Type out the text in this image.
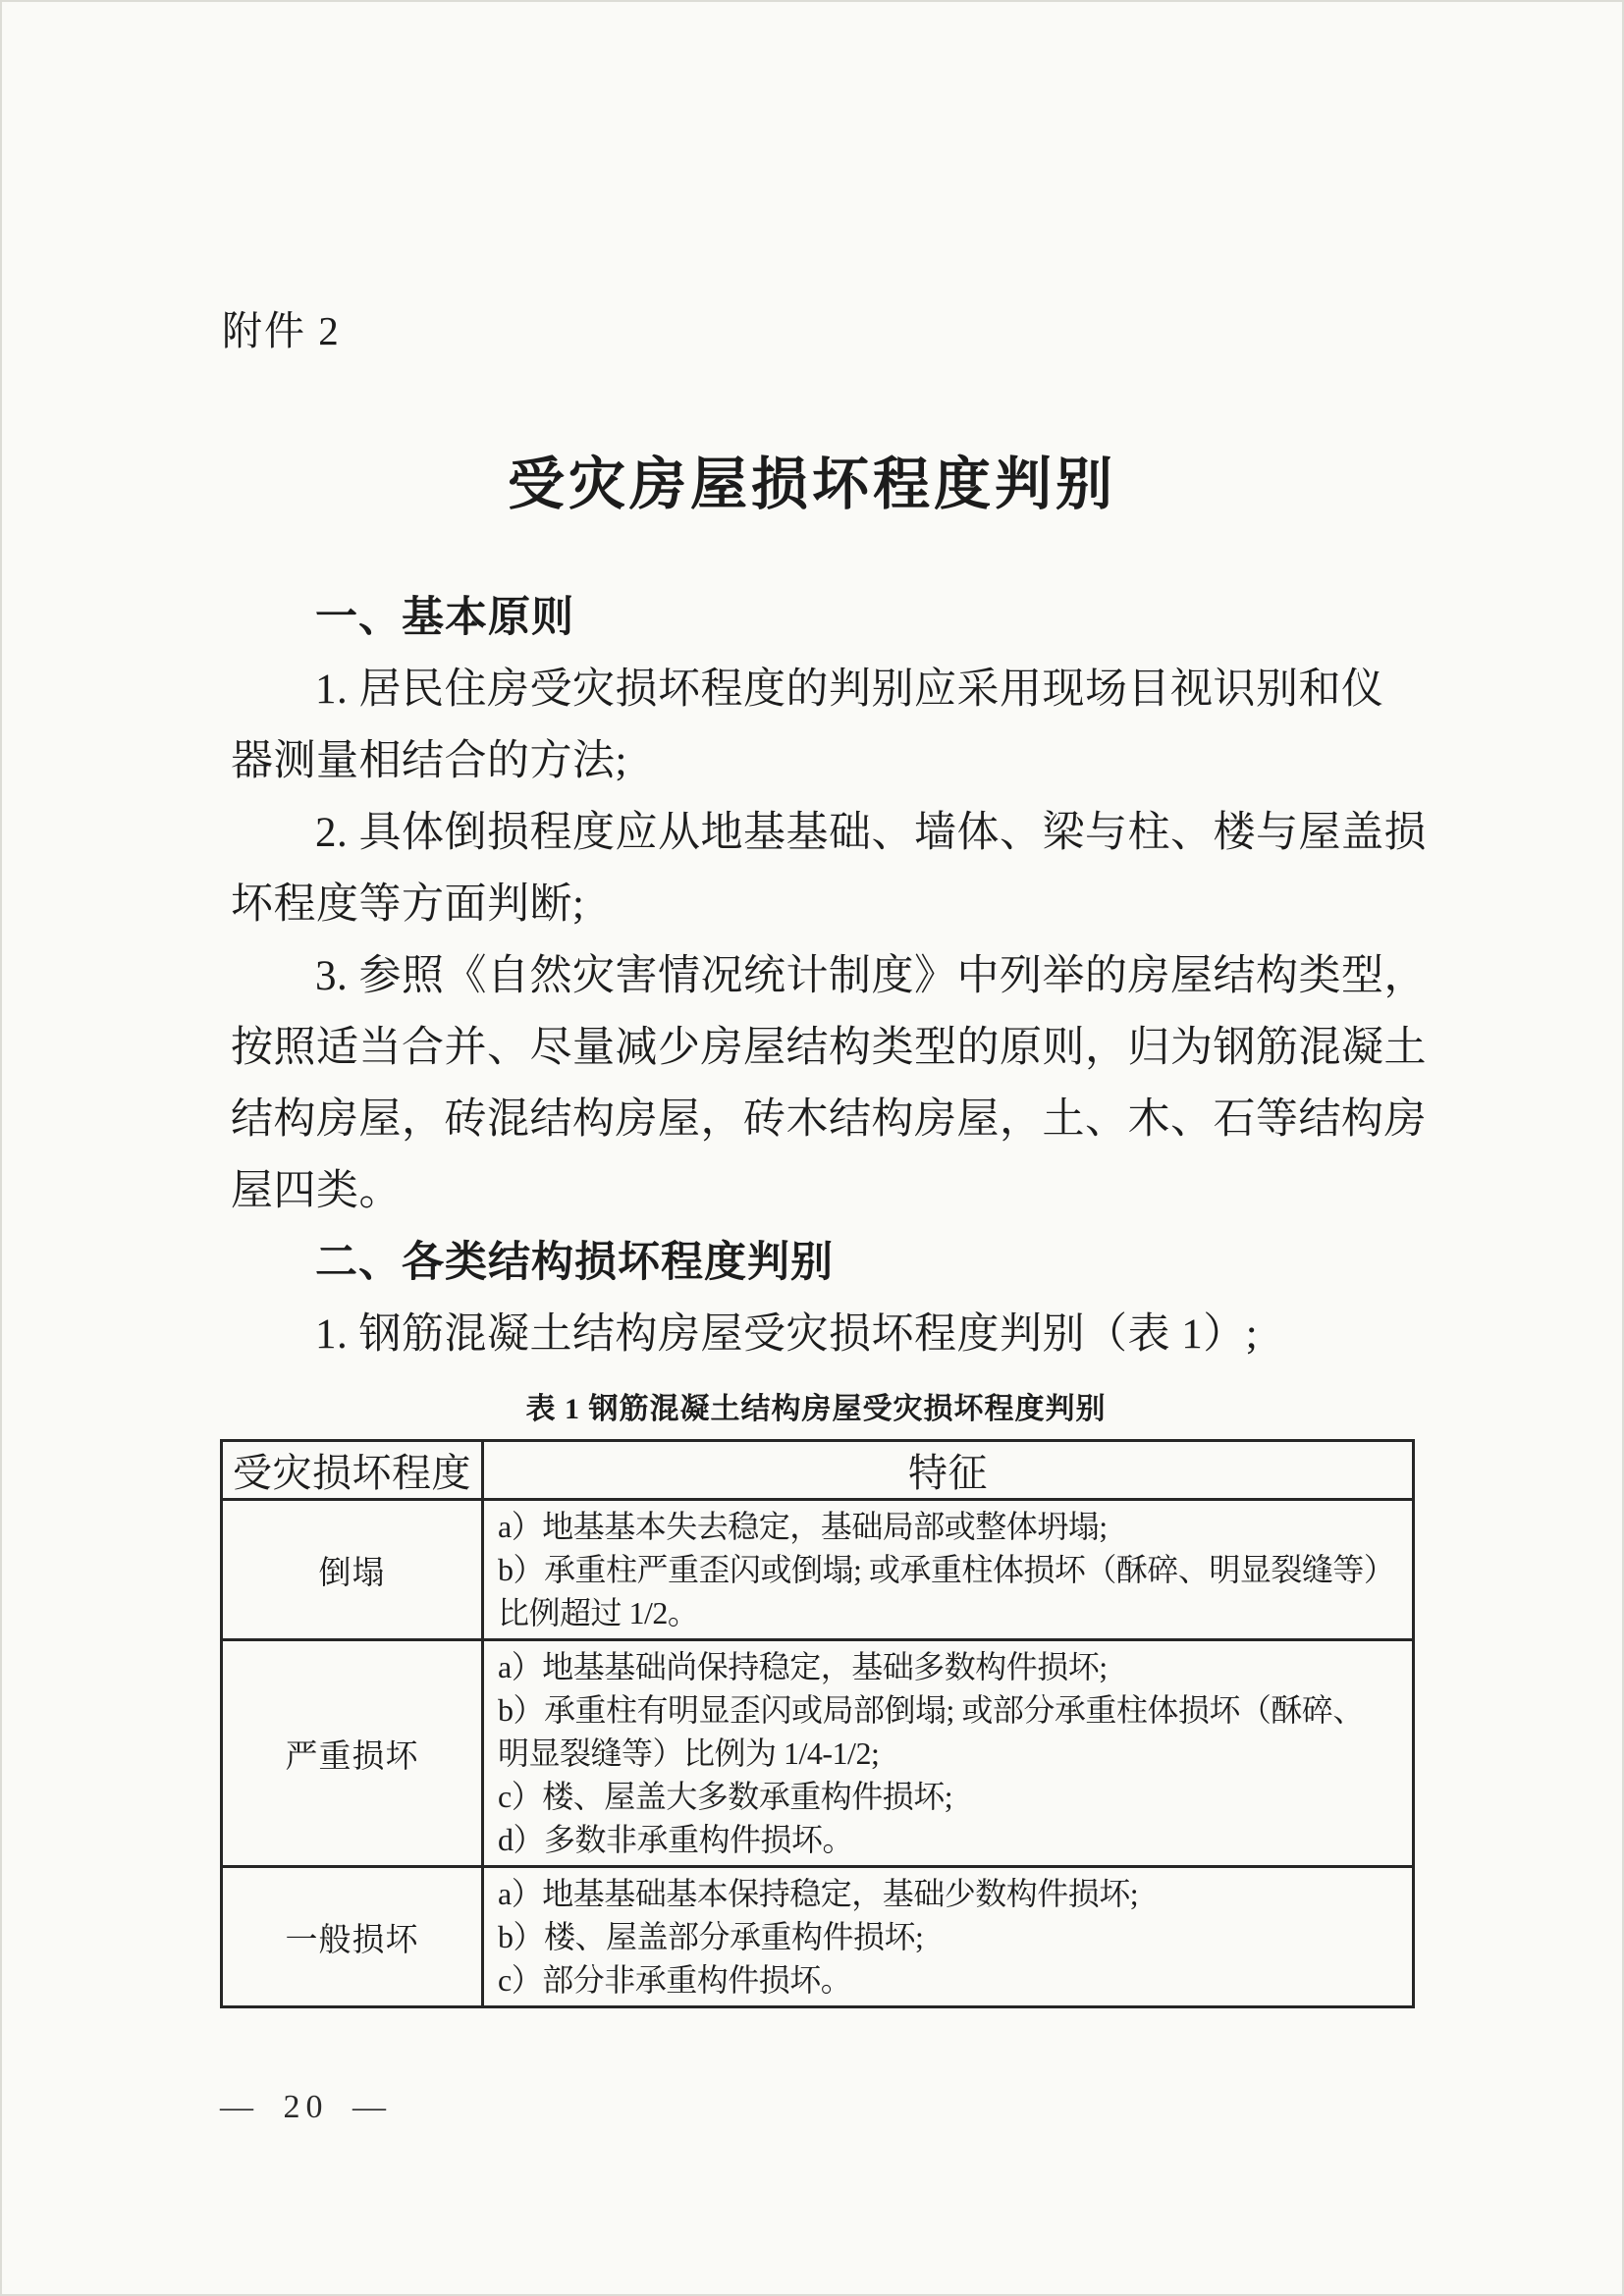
附件 2
受灾房屋损坏程度判别
一、基本原则
1. 居民住房受灾损坏程度的判别应采用现场目视识别和仪
器测量相结合的方法;
2. 具体倒损程度应从地基基础、墙体、梁与柱、楼与屋盖损
坏程度等方面判断;
3. 参照《自然灾害情况统计制度》中列举的房屋结构类型，
按照适当合并、尽量减少房屋结构类型的原则，归为钢筋混凝土
结构房屋，砖混结构房屋，砖木结构房屋，土、木、石等结构房
屋四类。
二、各类结构损坏程度判别
1. 钢筋混凝土结构房屋受灾损坏程度判别（表 1）;
表 1 钢筋混凝土结构房屋受灾损坏程度判别
受灾损坏程度	特征
倒塌	a）地基基本失去稳定，基础局部或整体坍塌;
b）承重柱严重歪闪或倒塌; 或承重柱体损坏（酥碎、明显裂缝等）
比例超过 1/2。

严重损坏	a）地基基础尚保持稳定，基础多数构件损坏;
b）承重柱有明显歪闪或局部倒塌; 或部分承重柱体损坏（酥碎、
明显裂缝等）比例为 1/4-1/2;
c）楼、屋盖大多数承重构件损坏;
d）多数非承重构件损坏。

一般损坏	a）地基基础基本保持稳定，基础少数构件损坏;
b）楼、屋盖部分承重构件损坏;
c）部分非承重构件损坏。
— 20 —
